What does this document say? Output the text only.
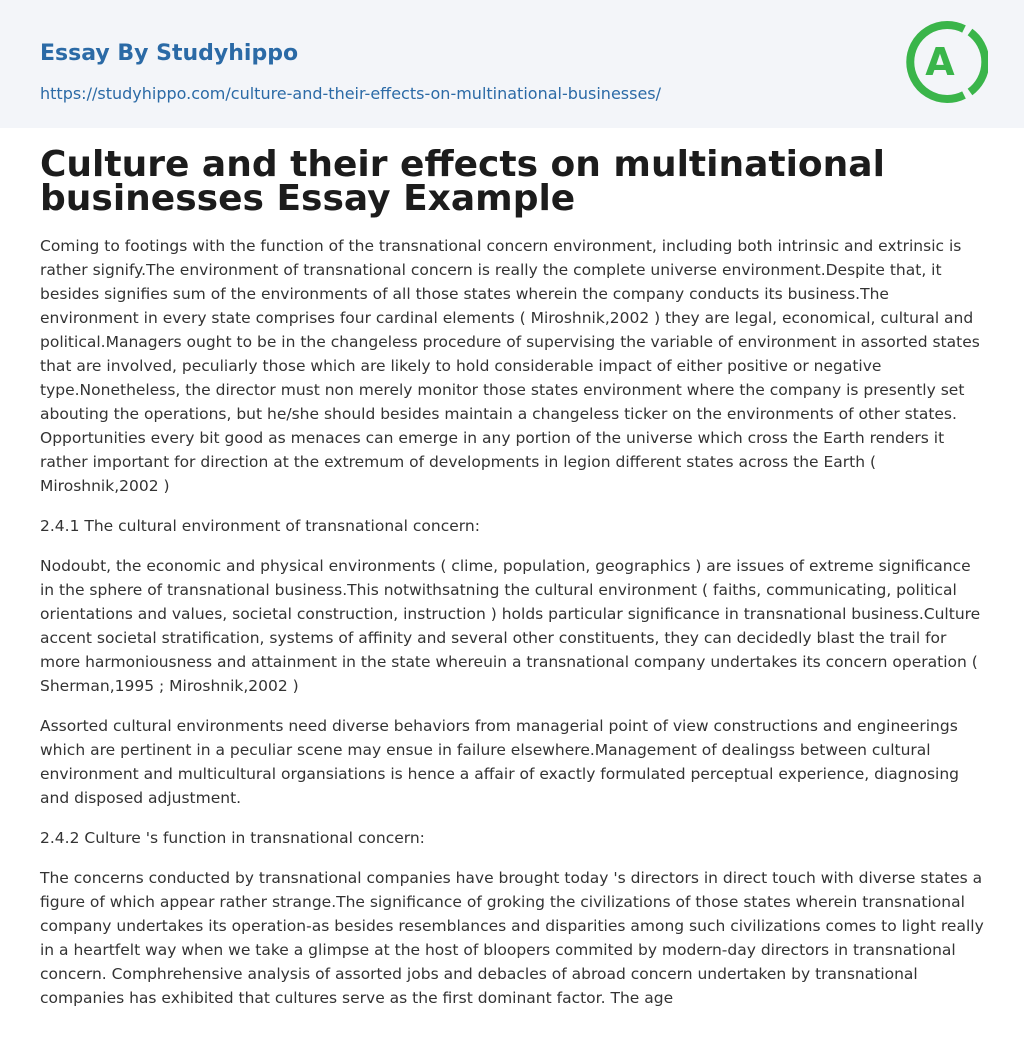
Essay By Studyhippo
https://studyhippo.com/culture-and-their-effects-on-multinational-businesses/
A
Culture and their effects on multinational businesses Essay Example

Coming to footings with the function of the transnational concern environment, including both intrinsic and extrinsic is rather signify.The environment of transnational concern is really the complete universe environment.Despite that, it besides signifies sum of the environments of all those states wherein the company conducts its business.The environment in every state comprises four cardinal elements ( Miroshnik,2002 ) they are legal, economical, cultural and political.Managers ought to be in the changeless procedure of supervising the variable of environment in assorted states that are involved, peculiarly those which are likely to hold considerable impact of either positive or negative type.Nonetheless, the director must non merely monitor those states environment where the company is presently set abouting the operations, but he/she should besides maintain a changeless ticker on the environments of other states. Opportunities every bit good as menaces can emerge in any portion of the universe which cross the Earth renders it rather important for direction at the extremum of developments in legion different states across the Earth ( Miroshnik,2002 )

2.4.1 The cultural environment of transnational concern:

Nodoubt, the economic and physical environments ( clime, population, geographics ) are issues of extreme significance in the sphere of transnational business.This notwithsatning the cultural environment ( faiths, communicating, political orientations and values, societal construction, instruction ) holds particular significance in transnational business.Culture accent societal stratification, systems of affinity and several other constituents, they can decidedly blast the trail for more harmoniousness and attainment in the state whereuin a transnational company undertakes its concern operation ( Sherman,1995 ; Miroshnik,2002 )

Assorted cultural environments need diverse behaviors from managerial point of view constructions and engineerings which are pertinent in a peculiar scene may ensue in failure elsewhere.Management of dealingss between cultural environment and multicultural organsiations is hence a affair of exactly formulated perceptual experience, diagnosing and disposed adjustment.

2.4.2 Culture 's function in transnational concern:

The concerns conducted by transnational companies have brought today 's directors in direct touch with diverse states a figure of which appear rather strange.The significance of groking the civilizations of those states wherein transnational company undertakes its operation-as besides resemblances and disparities among such civilizations comes to light really in a heartfelt way when we take a glimpse at the host of bloopers commited by modern-day directors in transnational concern. Comphrehensive analysis of assorted jobs and debacles of abroad concern undertaken by transnational companies has exhibited that cultures serve as the first dominant factor. The age
